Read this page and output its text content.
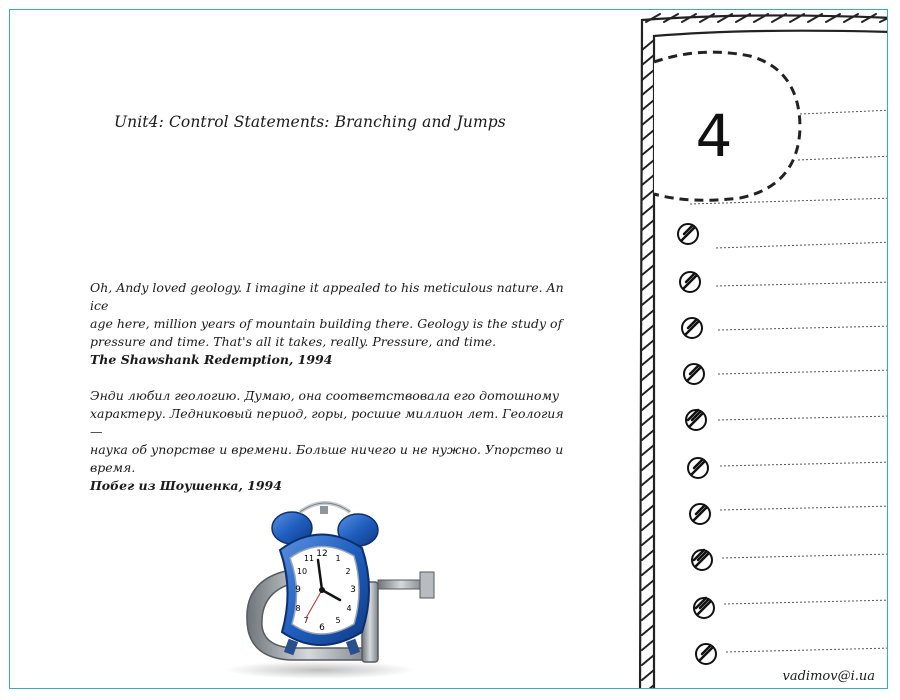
Unit4: Control Statements: Branching and Jumps

Oh, Andy loved geology. I imagine it appealed to his meticulous nature. An ice

age here, million years of mountain building there. Geology is the study of

pressure and time. That's all it takes, really. Pressure, and time.

The Shawshank Redemption, 1994

Энди любил геологию. Думаю, она соответствовала его дотошному

характеру. Ледниковый период, горы, росшие миллион лет. Геология —

наука об упорстве и времени. Больше ничего и не нужно. Упорство и

время.

Побег из Шоушенка, 1994

12 1
2
3
4
5
6
7
8
9
10
11
4
vadimov@i.ua
